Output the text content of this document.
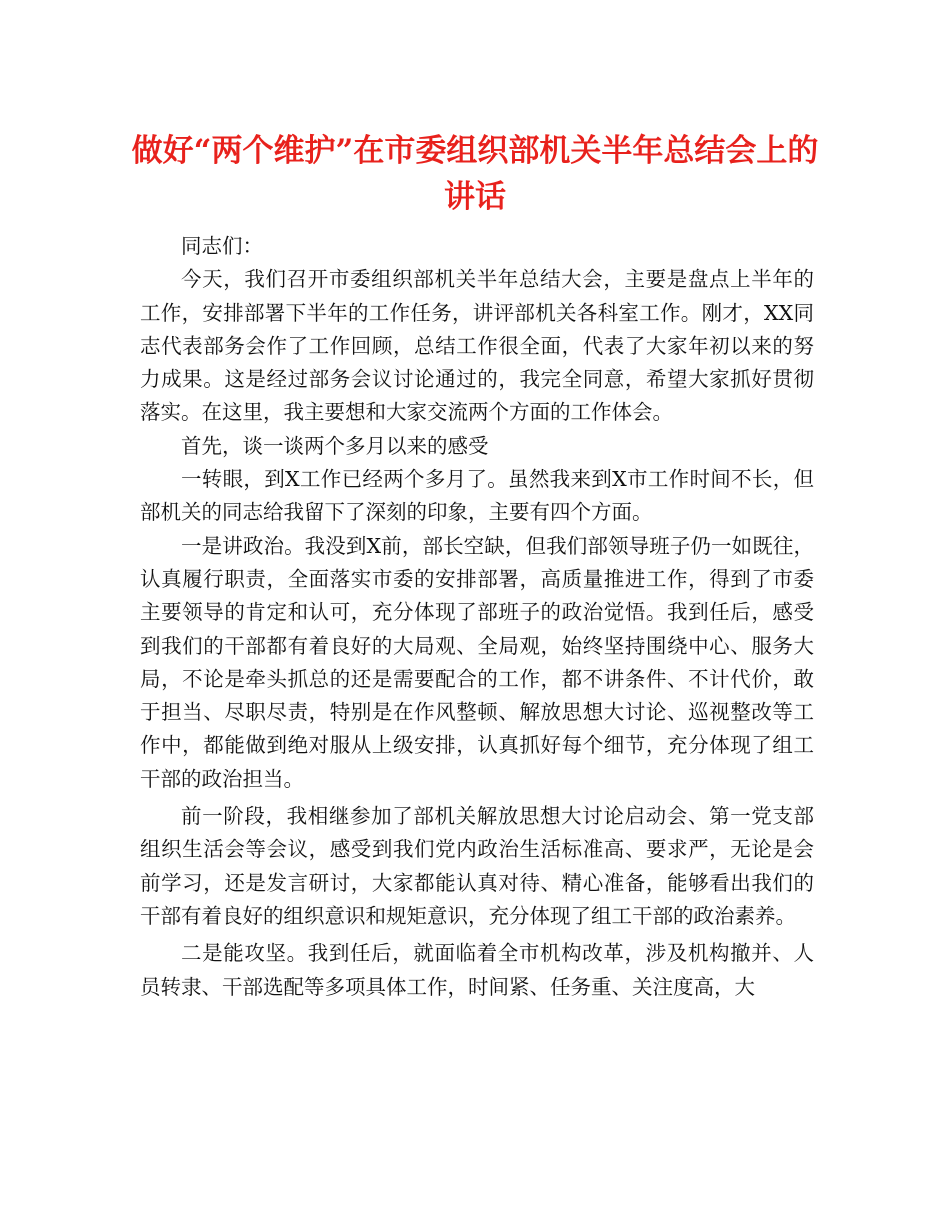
做好“两个维护”在市委组织部机关半年总结会上的讲话

同志们：

今天，我们召开市委组织部机关半年总结大会，主要是盘点上半年的工作，安排部署下半年的工作任务，讲评部机关各科室工作。刚才，XX同志代表部务会作了工作回顾，总结工作很全面，代表了大家年初以来的努力成果。这是经过部务会议讨论通过的，我完全同意，希望大家抓好贯彻落实。在这里，我主要想和大家交流两个方面的工作体会。

首先，谈一谈两个多月以来的感受

一转眼，到X工作已经两个多月了。虽然我来到X市工作时间不长，但部机关的同志给我留下了深刻的印象，主要有四个方面。

一是讲政治。我没到X前，部长空缺，但我们部领导班子仍一如既往，认真履行职责，全面落实市委的安排部署，高质量推进工作，得到了市委主要领导的肯定和认可，充分体现了部班子的政治觉悟。我到任后，感受到我们的干部都有着良好的大局观、全局观，始终坚持围绕中心、服务大局，不论是牵头抓总的还是需要配合的工作，都不讲条件、不计代价，敢于担当、尽职尽责，特别是在作风整顿、解放思想大讨论、巡视整改等工作中，都能做到绝对服从上级安排，认真抓好每个细节，充分体现了组工干部的政治担当。

前一阶段，我相继参加了部机关解放思想大讨论启动会、第一党支部组织生活会等会议，感受到我们党内政治生活标准高、要求严，无论是会前学习，还是发言研讨，大家都能认真对待、精心准备，能够看出我们的干部有着良好的组织意识和规矩意识，充分体现了组工干部的政治素养。

二是能攻坚。我到任后，就面临着全市机构改革，涉及机构撤并、人员转隶、干部选配等多项具体工作，时间紧、任务重、关注度高，大
